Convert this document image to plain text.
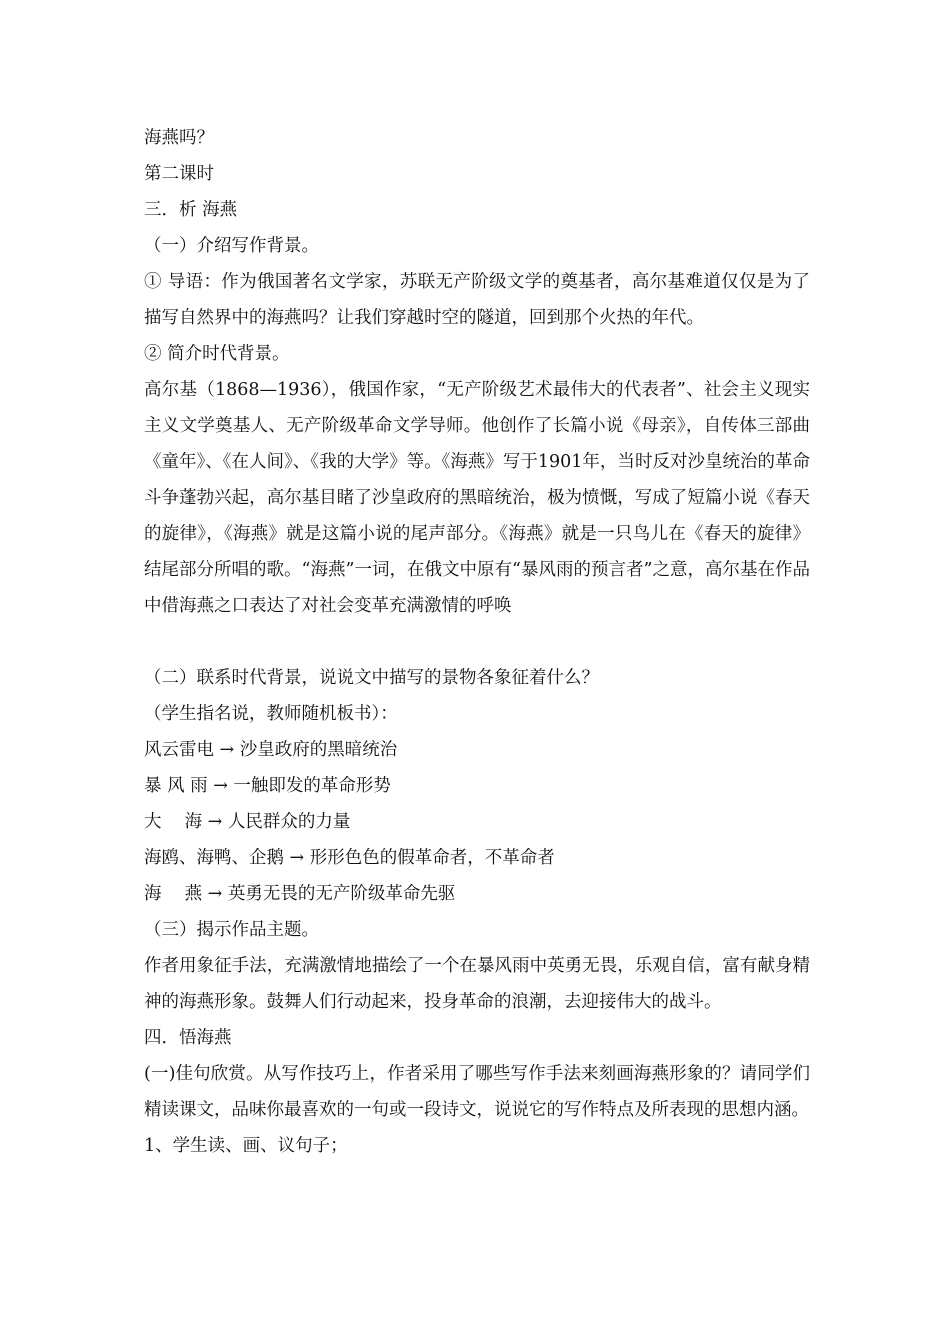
海燕吗？
第二课时
三．析 海燕
（一）介绍写作背景。
① 导语：作为俄国著名文学家，苏联无产阶级文学的奠基者，高尔基难道仅仅是为了描写自然界中的海燕吗？让我们穿越时空的隧道，回到那个火热的年代。
② 简介时代背景。
高尔基（1868—1936），俄国作家，“无产阶级艺术最伟大的代表者”、社会主义现实主义文学奠基人、无产阶级革命文学导师。他创作了长篇小说《母亲》，自传体三部曲《童年》、《在人间》、《我的大学》等。《海燕》写于1901年，当时反对沙皇统治的革命斗争蓬勃兴起，高尔基目睹了沙皇政府的黑暗统治，极为愤慨，写成了短篇小说《春天的旋律》，《海燕》就是这篇小说的尾声部分。《海燕》就是一只鸟儿在《春天的旋律》结尾部分所唱的歌。“海燕”一词，在俄文中原有“暴风雨的预言者”之意，高尔基在作品中借海燕之口表达了对社会变革充满激情的呼唤
（二）联系时代背景，说说文中描写的景物各象征着什么？
（学生指名说，教师随机板书）：
风云雷电 → 沙皇政府的黑暗统治
暴 风 雨 → 一触即发的革命形势
大　 海 → 人民群众的力量
海鸥、海鸭、企鹅 → 形形色色的假革命者，不革命者
海　 燕 → 英勇无畏的无产阶级革命先驱
（三）揭示作品主题。
作者用象征手法，充满激情地描绘了一个在暴风雨中英勇无畏，乐观自信，富有献身精神的海燕形象。鼓舞人们行动起来，投身革命的浪潮，去迎接伟大的战斗。
四．悟海燕
(一)佳句欣赏。从写作技巧上，作者采用了哪些写作手法来刻画海燕形象的？请同学们精读课文，品味你最喜欢的一句或一段诗文，说说它的写作特点及所表现的思想内涵。
1、学生读、画、议句子；
